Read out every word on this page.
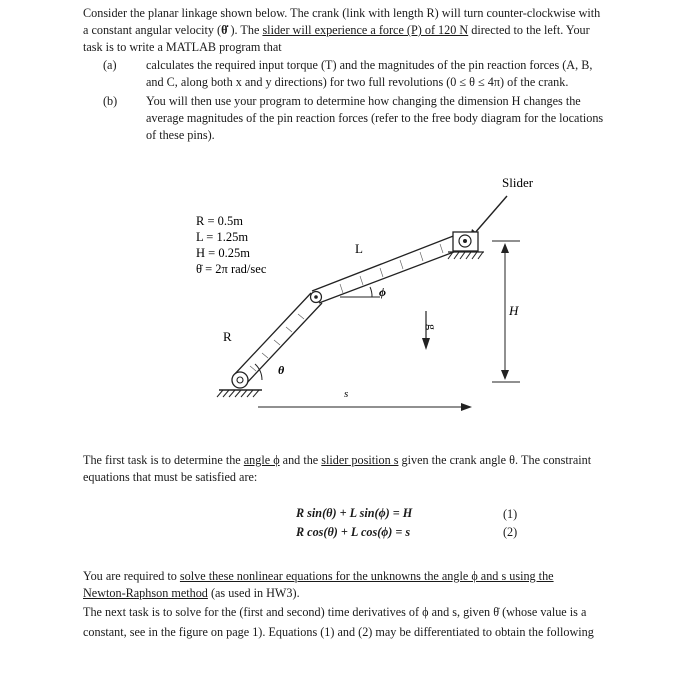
Consider the planar linkage shown below. The crank (link with length R) will turn counter-clockwise with
a constant angular velocity (θ̇ ). The slider will experience a force (P) of 120 N directed to the left. Your
task is to write a MATLAB program that
(a) calculates the required input torque (T) and the magnitudes of the pin reaction forces (A, B,
and C, along both x and y directions) for two full revolutions (0 ≤ θ ≤ 4π) of the crank.
(b) You will then use your program to determine how changing the dimension H changes the
average magnitudes of the pin reaction forces (refer to the free body diagram for the locations
of these pins).
R = 0.5m
L = 1.25m
H = 0.25m
θ̇ = 2π rad/sec
Slider
L
R
ϕ
θ
g
H
s
The first task is to determine the angle ϕ and the slider position s given the crank angle θ. The constraint
equations that must be satisfied are:
R sin(θ) + L sin(ϕ) = H	(1)
R cos(θ) + L cos(ϕ) = s	(2)
You are required to solve these nonlinear equations for the unknowns the angle ϕ and s using the
Newton-Raphson method (as used in HW3).
The next task is to solve for the (first and second) time derivatives of ϕ and s, given θ̇ (whose value is a
constant, see in the figure on page 1). Equations (1) and (2) may be differentiated to obtain the following
